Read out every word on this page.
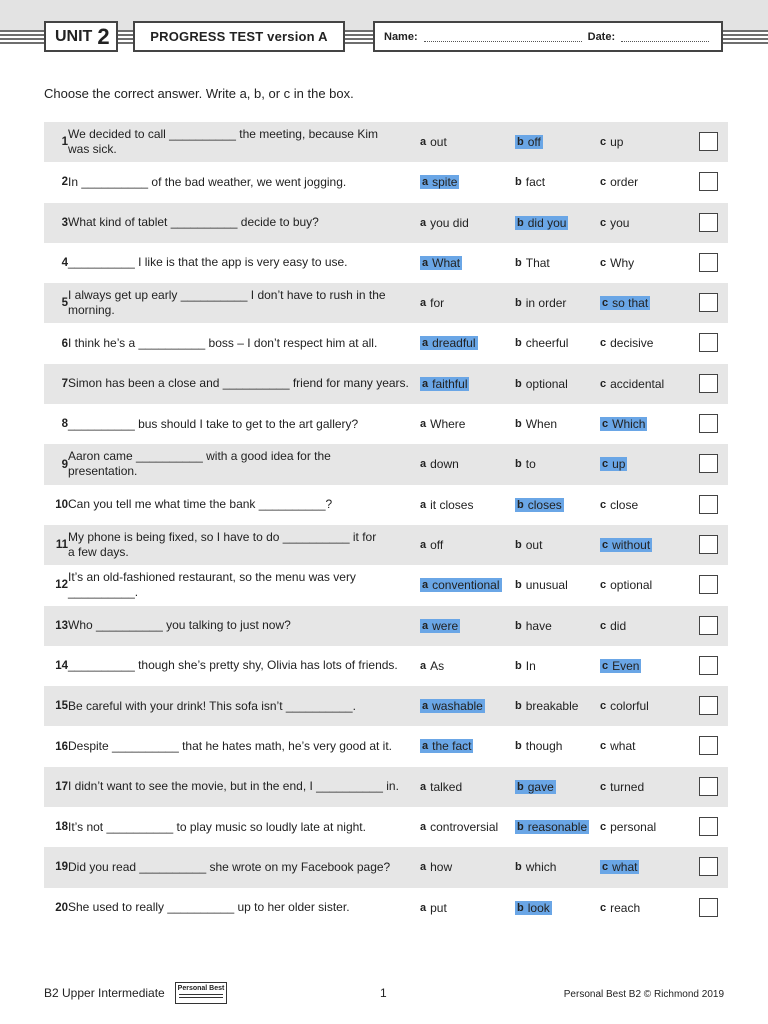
UNIT 2	PROGRESS TEST version A	Name:	Date:
Choose the correct answer. Write a, b, or c in the box.
1
We decided to call __________ the meeting, because Kim
was sick.	a out	b off	c up
2 In __________ of the bad weather, we went jogging.	a spite	b fact	c order
3 What kind of tablet __________ decide to buy?	a you did	b did you	c you
4 __________ I like is that the app is very easy to use.	a What	b That	c Why
5
I always get up early __________ I don’t have to rush in the
morning.	a for	b in order	c so that
6 I think he’s a __________ boss – I don’t respect him at all.	a dreadful	b cheerful	c decisive
7 Simon has been a close and __________ friend for many years. a faithful	b optional	c accidental
8 __________ bus should I take to get to the art gallery?	a Where	b When	c Which
9
Aaron came __________ with a good idea for the
presentation.	a down	b to	c up
10 Can you tell me what time the bank __________?	a it closes	b closes	c close
11
My phone is being fixed, so I have to do __________ it for
a few days.	a off	b out	c without
12
It’s an old-fashioned restaurant, so the menu was very
__________.	a conventional b unusual	c optional
13 Who __________ you talking to just now?	a were	b have	c did
14 __________ though she’s pretty shy, Olivia has lots of friends. a As	b In	c Even
15 Be careful with your drink! This sofa isn’t __________.	a washable	b breakable c colorful
16 Despite __________ that he hates math, he’s very good at it.	a the fact	b though	c what
17 I didn’t want to see the movie, but in the end, I __________ in. a talked	b gave	c turned
18 It’s not __________ to play music so loudly late at night.	a controversial b reasonable c personal
19 Did you read __________ she wrote on my Facebook page?	a how	b which	c what
20 She used to really __________ up to her older sister.	a put	b look	c reach
B2 Upper Intermediate Personal Best	1	Personal Best B2 © Richmond 2019
